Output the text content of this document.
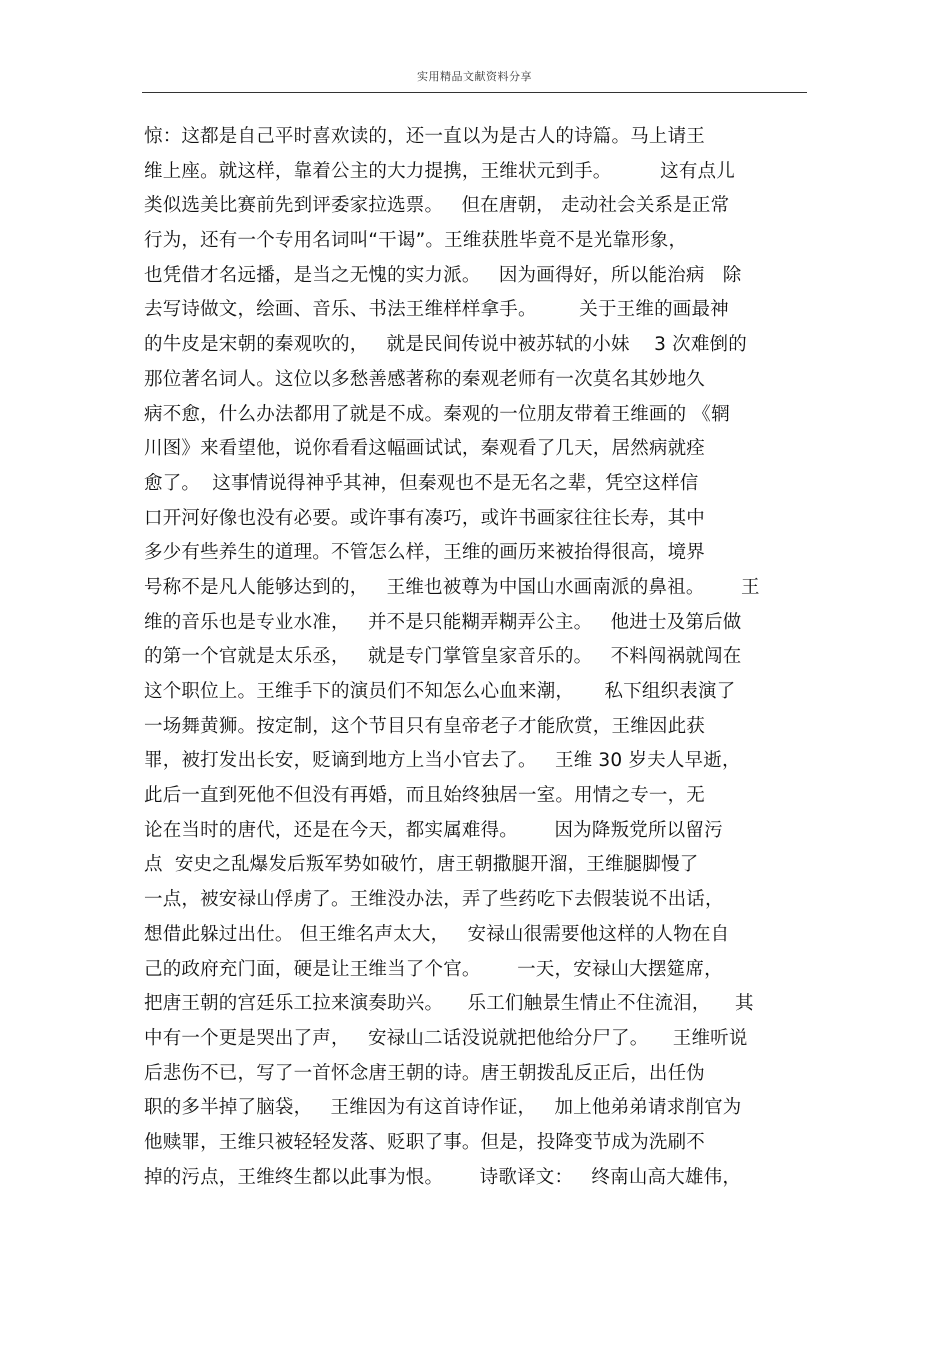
实用精品文献资料分享
惊：这都是自己平时喜欢读的，还一直以为是古人的诗篇。马上请王
维上座。就这样，靠着公主的大力提携，王维状元到手。        这有点儿
类似选美比赛前先到评委家拉选票。   但在唐朝， 走动社会关系是正常
行为，还有一个专用名词叫“干谒”。王维获胜毕竟不是光靠形象，
也凭借才名远播，是当之无愧的实力派。   因为画得好，所以能治病   除
去写诗做文，绘画、音乐、书法王维样样拿手。       关于王维的画最神
的牛皮是宋朝的秦观吹的，   就是民间传说中被苏轼的小妹    3 次难倒的
那位著名词人。这位以多愁善感著称的秦观老师有一次莫名其妙地久
病不愈，什么办法都用了就是不成。秦观的一位朋友带着王维画的 《辋
川图》来看望他，说你看看这幅画试试，秦观看了几天，居然病就痊
愈了。  这事情说得神乎其神，但秦观也不是无名之辈，凭空这样信
口开河好像也没有必要。或许事有凑巧，或许书画家往往长寿，其中
多少有些养生的道理。不管怎么样，王维的画历来被抬得很高，境界
号称不是凡人能够达到的，   王维也被尊为中国山水画南派的鼻祖。      王
维的音乐也是专业水准，   并不是只能糊弄糊弄公主。   他进士及第后做
的第一个官就是太乐丞，   就是专门掌管皇家音乐的。   不料闯祸就闯在
这个职位上。王维手下的演员们不知怎么心血来潮，     私下组织表演了
一场舞黄狮。按定制，这个节目只有皇帝老子才能欣赏，王维因此获
罪，被打发出长安，贬谪到地方上当小官去了。   王维 30 岁夫人早逝，
此后一直到死他不但没有再婚，而且始终独居一室。用情之专一，无
论在当时的唐代，还是在今天，都实属难得。      因为降叛党所以留污
点  安史之乱爆发后叛军势如破竹，唐王朝撒腿开溜，王维腿脚慢了
一点，被安禄山俘虏了。王维没办法，弄了些药吃下去假装说不出话，
想借此躲过出仕。 但王维名声太大，   安禄山很需要他这样的人物在自
己的政府充门面，硬是让王维当了个官。      一天，安禄山大摆筵席，
把唐王朝的宫廷乐工拉来演奏助兴。    乐工们触景生情止不住流泪，    其
中有一个更是哭出了声，   安禄山二话没说就把他给分尸了。    王维听说
后悲伤不已，写了一首怀念唐王朝的诗。唐王朝拨乱反正后，出任伪
职的多半掉了脑袋，   王维因为有这首诗作证，   加上他弟弟请求削官为
他赎罪，王维只被轻轻发落、贬职了事。但是，投降变节成为洗刷不
掉的污点，王维终生都以此事为恨。      诗歌译文：   终南山高大雄伟，
